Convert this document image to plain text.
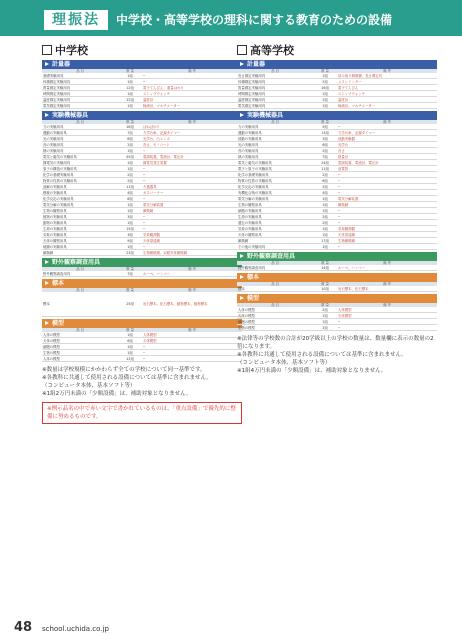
理振法	中学校・高等学校の理科に関する教育のための設備
中学校
計量器
品 目	数 量	備 考
基礎実験用具	1組	─
体積測定実験用具	1組	─
質量測定実験用具	12組	電子てんびん、重量はかり
時間測定実験用具	1組	ストップウォッチ
温度測定実験用具	12組	温度計
電気測定実験用具	1組	検流計、マルチメーター
実験機械器具
品 目	数 量	備 考
力の実験用具	16組	ばねばかり
運動の実験用具	7組	力学台車、記録タイマー
光の実験用具	6組	光学台、凸レンズ
音の実験用具	2組	音さ、モノコード
熱の実験用具	1組	─
電気と磁気の実験用具	45組	電源装置、電流計、電圧計
静電気の実験用具	1組	静電気発生装置
原子の構造の実験用具	1組	─
化学の基礎実験用具	2組	─
物質の性質の実験用具	2組	─
溶解の実験用具	11組	ろ過器具
燃焼の実験用具	4組	ガスバーナー
化学反応の実験用具	6組	─
電気分解の実験用具	1組	電気分解装置
生物の観察用具	1組	顕微鏡
植物の実験用具	3組	─
動物の実験用具	1組	─
生命の実験用具	15組	─
気象の実験用具	3組	気象観測器
天体の観察用具	9組	天体望遠鏡
地層の実験用具	1組	─
顕微鏡	23組	生物顕微鏡、双眼実体顕微鏡
野外観察調査用具
品 目	数 量	備 考
野外観察調査用具	7組	ルーペ、ハンマー
標本
品 目	数 量	備 考
標本	25組	岩石標本、化石標本、動物標本、植物標本
模型
品 目	数 量	備 考
人体の模型	1組	人体模型
天体の模型	6組	天体模型
細胞の模型	1組	─
生物の模型	1組	─
人体の模型	12組	─
※数量は学校規模にかかわらず全ての学校について同一基準です。
※各教科に共通して使用される設備については基準に含まれません。
（コンピュータ本体、基本ソフト等）
※1組2万円未満の「少額設備」は、補助対象となりません。
※例示品名の中で赤い文字で書かれているものは、「重点設備」で優先的に整備に努めるものです。
高等学校
計量器
品 目	数 量	備 考
長さ測定実験用具	1組	読み取り顕微鏡、長さ測定具
体積測定実験用具	2組	メスシリンダー
質量測定実験用具	16組	電子てんびん
時間測定実験用具	1組	ストップウォッチ
温度測定実験用具	2組	温度計
電気測定実験用具	1組	検流計、マルチメーター
実験機械器具
品 目	数 量	備 考
力の実験用具	5組	─
運動の実験用具	13組	力学台車、記録タイマー
波動の実験用具	3組	波動実験器
光の実験用具	6組	光学台
音の実験用具	2組	音さ
熱の実験用具	7組	熱量計
電気と磁気の実験用具	24組	電源装置、電流計、電圧計
電子と原子の実験用具	11組	放電管
化学の基礎実験用具	2組	─
物質の性質の実験用具	6組	─
化学反応の実験用具	2組	─
有機化合物の実験用具	4組	─
電気分解の実験用具	1組	電気分解装置
生物の観察用具	1組	顕微鏡
細胞の実験用具	1組	─
生命の実験用具	2組	─
遺伝の実験用具	2組	─
気象の実験用具	1組	気象観測器
天体の観察用具	1組	天体望遠鏡
顕微鏡	17組	生物顕微鏡
その他の実験用具	1組	─
野外観察調査用具
品 目	数 量	備 考
野外観察調査用具	14組	ルーペ、ハンマー
標本
品 目	数 量	備 考
標本	10組	岩石標本、化石標本
模型
品 目	数 量	備 考
人体の模型	2組	人体模型
天体の模型	1組	天体模型
細胞の模型	1組	─
生物の模型	2組	─
※法律等の学校数の合計が20学級以上の学校の数量は、数量欄に表示の数量の2倍になります。
※各教科に共通して使用される設備については基準に含まれません。
（コンピュータ本体、基本ソフト等）
※1組4万円未満の「少額設備」は、補助対象となりません。
48 school.uchida.co.jp
